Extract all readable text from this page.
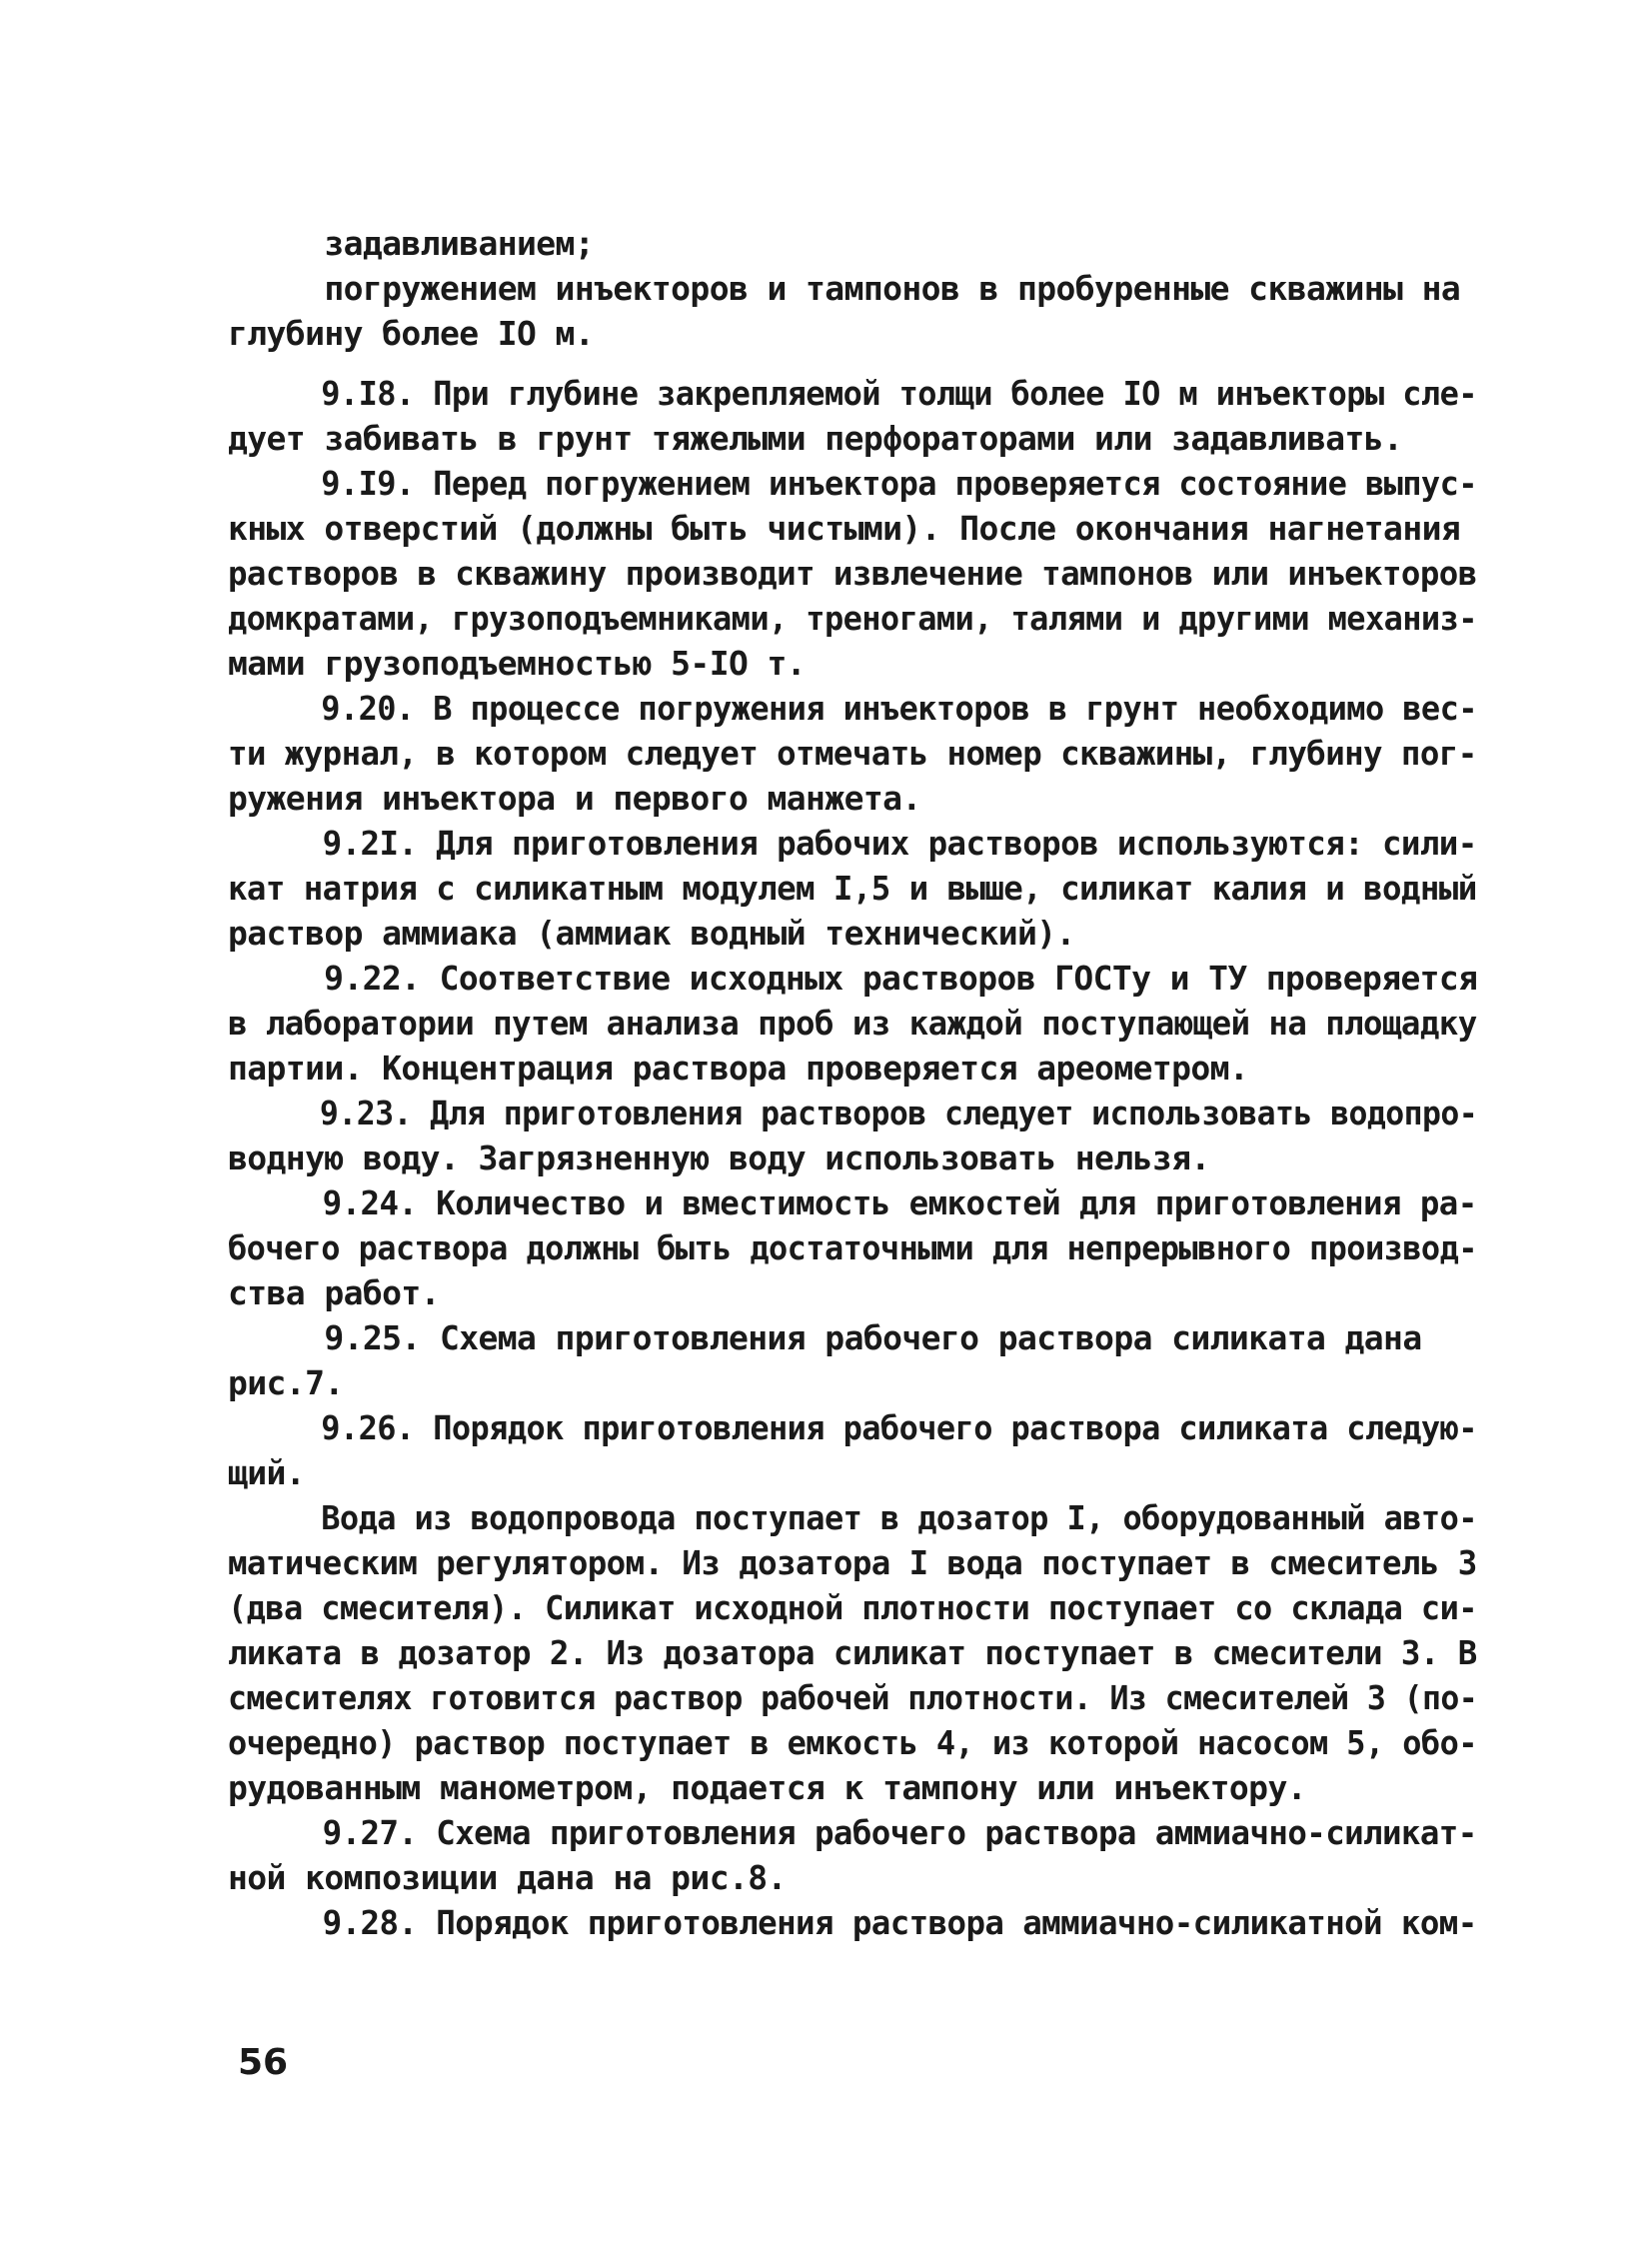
задавливанием;
погружением инъекторов и тампонов в пробуренные скважины на
глубину более IO м.
9.I8. При глубине закрепляемой толщи более IO м инъекторы сле-
дует забивать в грунт тяжелыми перфораторами или задавливать.
9.I9. Перед погружением инъектора проверяется состояние выпус-
кных отверстий (должны быть чистыми). После окончания нагнетания
растворов в скважину производит извлечение тампонов или инъекторов
домкратами, грузоподъемниками, треногами, талями и другими механиз-
мами грузоподъемностью 5-IO т.
9.20. В процессе погружения инъекторов в грунт необходимо вес-
ти журнал, в котором следует отмечать номер скважины, глубину пог-
ружения инъектора и первого манжета.
9.2I. Для приготовления рабочих растворов используются: сили-
кат натрия с силикатным модулем I,5 и выше, силикат калия и водный
раствор аммиака (аммиак водный технический).
9.22. Соответствие исходных растворов ГОСТу и ТУ проверяется
в лаборатории путем анализа проб из каждой поступающей на площадку
партии. Концентрация раствора проверяется ареометром.
9.23. Для приготовления растворов следует использовать водопро-
водную воду. Загрязненную воду использовать нельзя.
9.24. Количество и вместимость емкостей для приготовления ра-
бочего раствора должны быть достаточными для непрерывного производ-
ства работ.
9.25. Схема приготовления рабочего раствора силиката дана
рис.7.
9.26. Порядок приготовления рабочего раствора силиката следую-
щий.
Вода из водопровода поступает в дозатор I, оборудованный авто-
матическим регулятором. Из дозатора I вода поступает в смеситель 3
(два смесителя). Силикат исходной плотности поступает со склада си-
ликата в дозатор 2. Из дозатора силикат поступает в смесители 3. В
смесителях готовится раствор рабочей плотности. Из смесителей 3 (по-
очередно) раствор поступает в емкость 4, из которой насосом 5, обо-
рудованным манометром, подается к тампону или инъектору.
9.27. Схема приготовления рабочего раствора аммиачно-силикат-
ной композиции дана на рис.8.
9.28. Порядок приготовления раствора аммиачно-силикатной ком-
56
